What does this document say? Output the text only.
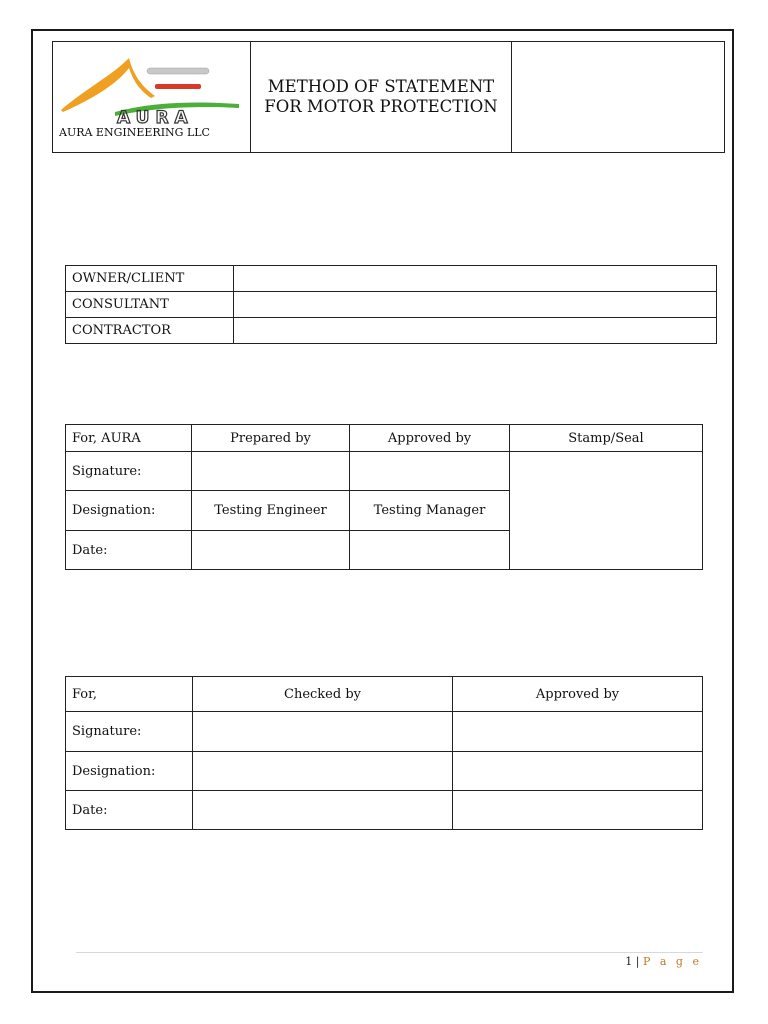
AURA
AURA ENGINEERING LLC

METHOD OF STATEMENT
FOR MOTOR PROTECTION

OWNER/CLIENT	
CONSULTANT	
CONTRACTOR	
For, AURA	Prepared by	Approved by	Stamp/Seal
Signature:			
Designation:	Testing Engineer	Testing Manager	
Date:			
For,	Checked by	Approved by
Signature:		
Designation:		
Date:		
1 | P a g e
